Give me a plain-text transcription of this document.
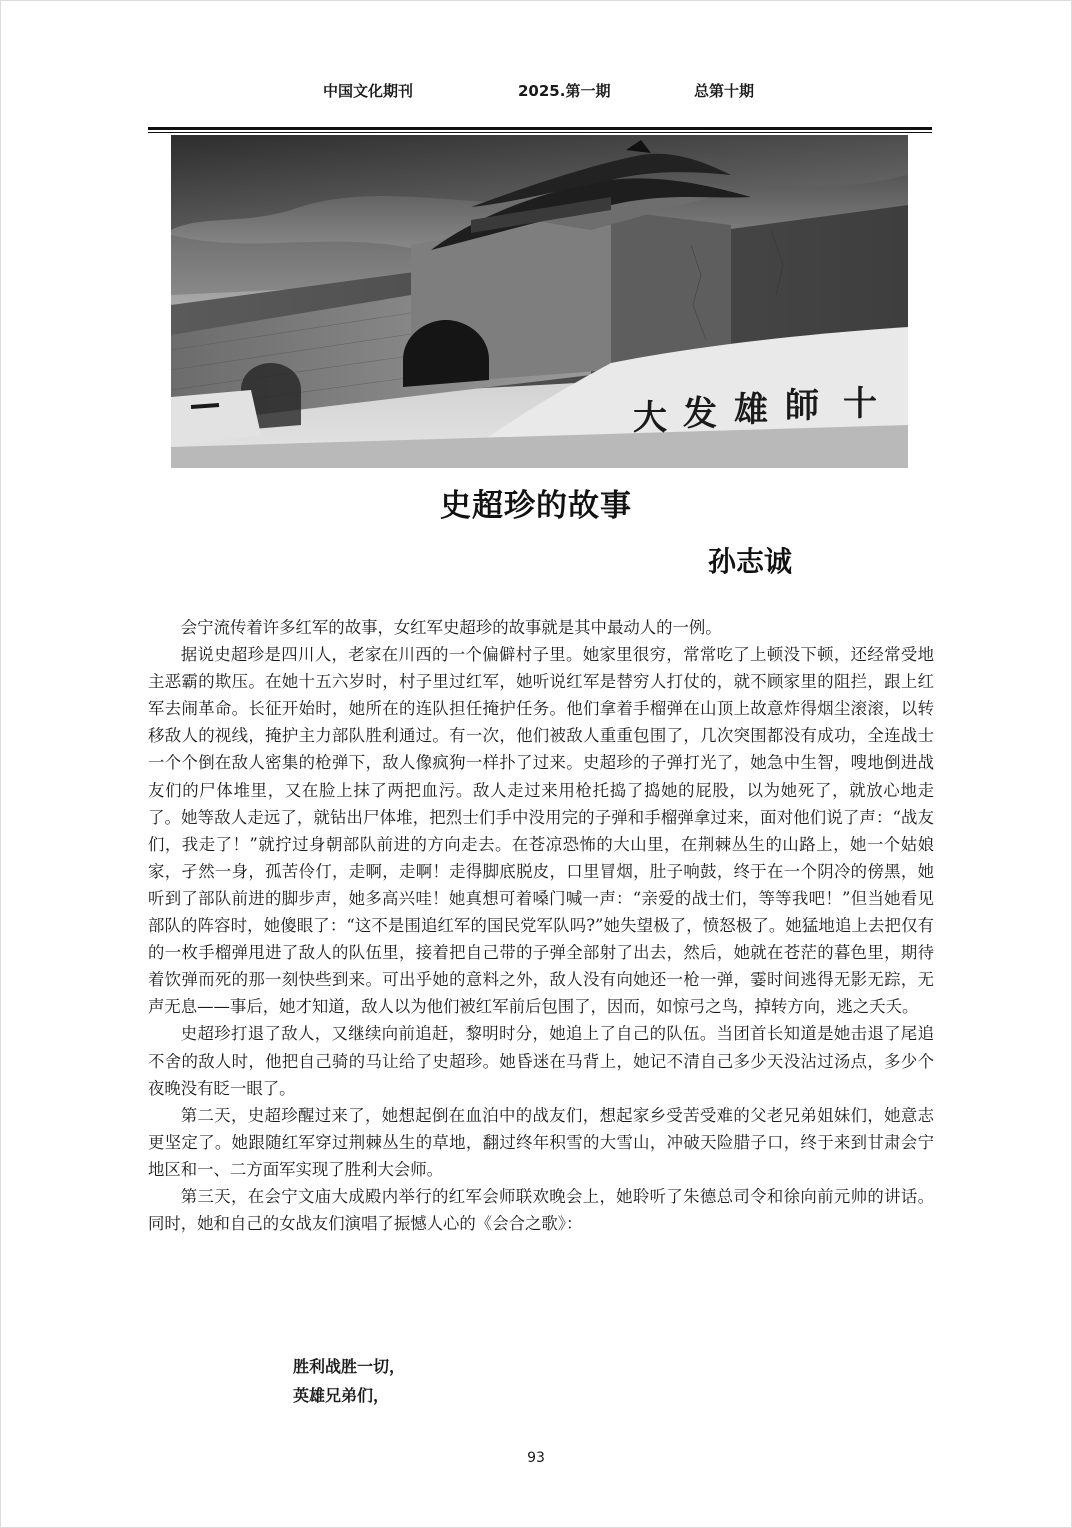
中国文化期刊	2025.第一期	总第十期
大 发 雄 師 十
史超珍的故事
孙志诚

会宁流传着许多红军的故事，女红军史超珍的故事就是其中最动人的一例。

据说史超珍是四川人，老家在川西的一个偏僻村子里。她家里很穷，常常吃了上顿没下顿，还经常受地主恶霸的欺压。在她十五六岁时，村子里过红军，她听说红军是替穷人打仗的，就不顾家里的阻拦，跟上红军去闹革命。长征开始时，她所在的连队担任掩护任务。他们拿着手榴弹在山顶上故意炸得烟尘滚滚，以转移敌人的视线，掩护主力部队胜利通过。有一次，他们被敌人重重包围了，几次突围都没有成功，全连战士一个个倒在敌人密集的枪弹下，敌人像疯狗一样扑了过来。史超珍的子弹打光了，她急中生智，嗖地倒进战友们的尸体堆里，又在脸上抹了两把血污。敌人走过来用枪托捣了捣她的屁股，以为她死了，就放心地走了。她等敌人走远了，就钻出尸体堆，把烈士们手中没用完的子弹和手榴弹拿过来，面对他们说了声：“战友们，我走了！”就拧过身朝部队前进的方向走去。在苍凉恐怖的大山里，在荆棘丛生的山路上，她一个姑娘家，孑然一身，孤苦伶仃，走啊，走啊！走得脚底脱皮，口里冒烟，肚子响鼓，终于在一个阴冷的傍黑，她听到了部队前进的脚步声，她多高兴哇！她真想可着嗓门喊一声：“亲爱的战士们，等等我吧！”但当她看见部队的阵容时，她傻眼了：“这不是围追红军的国民党军队吗?”她失望极了，愤怒极了。她猛地追上去把仅有的一枚手榴弹甩进了敌人的队伍里，接着把自己带的子弹全部射了出去，然后，她就在苍茫的暮色里，期待着饮弹而死的那一刻快些到来。可出乎她的意料之外，敌人没有向她还一枪一弹，霎时间逃得无影无踪，无声无息——事后，她才知道，敌人以为他们被红军前后包围了，因而，如惊弓之鸟，掉转方向，逃之夭夭。

史超珍打退了敌人，又继续向前追赶，黎明时分，她追上了自己的队伍。当团首长知道是她击退了尾追不舍的敌人时，他把自己骑的马让给了史超珍。她昏迷在马背上，她记不清自己多少天没沾过汤点，多少个夜晚没有眨一眼了。

第二天，史超珍醒过来了，她想起倒在血泊中的战友们，想起家乡受苦受难的父老兄弟姐妹们，她意志更坚定了。她跟随红军穿过荆棘丛生的草地，翻过终年积雪的大雪山，冲破天险腊子口，终于来到甘肃会宁地区和一、二方面军实现了胜利大会师。

第三天，在会宁文庙大成殿内举行的红军会师联欢晚会上，她聆听了朱德总司令和徐向前元帅的讲话。同时，她和自己的女战友们演唱了振憾人心的《会合之歌》：

胜利战胜一切，
英雄兄弟们，
93
